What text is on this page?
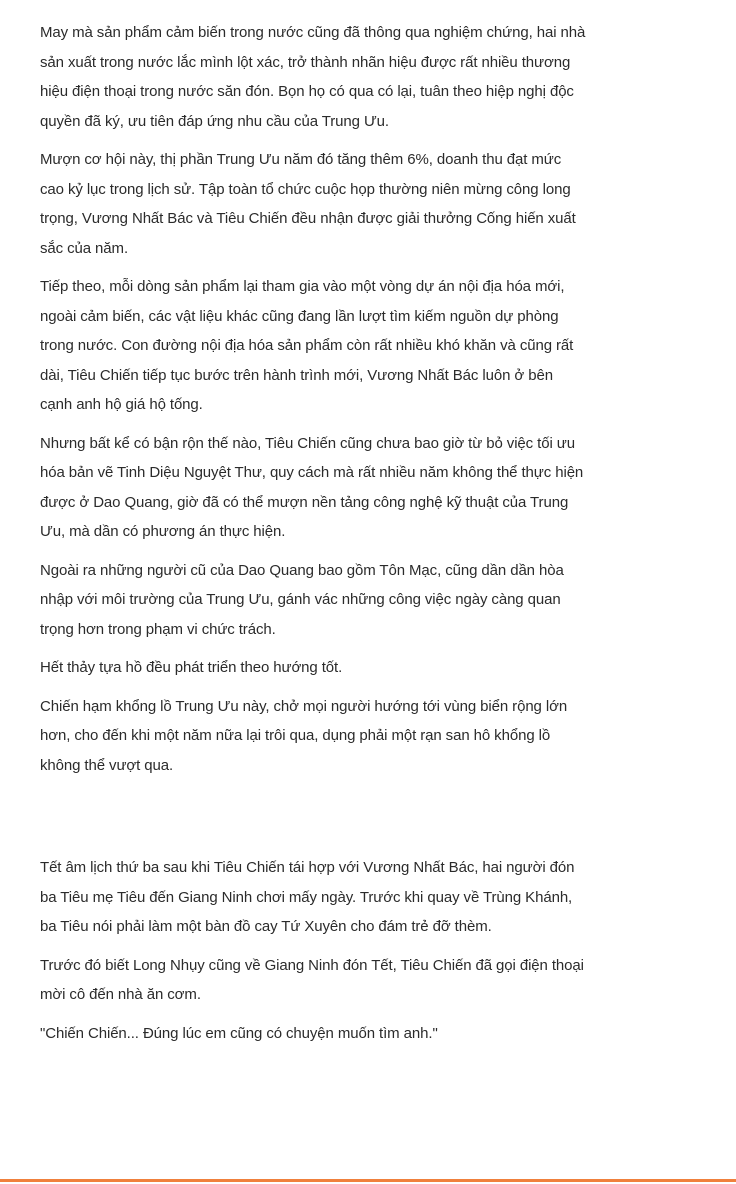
May mà sản phẩm cảm biến trong nước cũng đã thông qua nghiệm chứng, hai nhà sản xuất trong nước lắc mình lột xác, trở thành nhãn hiệu được rất nhiều thương hiệu điện thoại trong nước săn đón. Bọn họ có qua có lại, tuân theo hiệp nghị độc quyền đã ký, ưu tiên đáp ứng nhu cầu của Trung Ưu.

Mượn cơ hội này, thị phần Trung Ưu năm đó tăng thêm 6%, doanh thu đạt mức cao kỷ lục trong lịch sử. Tập toàn tổ chức cuộc họp thường niên mừng công long trọng, Vương Nhất Bác và Tiêu Chiến đều nhận được giải thưởng Cống hiến xuất sắc của năm.

Tiếp theo, mỗi dòng sản phẩm lại tham gia vào một vòng dự án nội địa hóa mới, ngoài cảm biến, các vật liệu khác cũng đang lần lượt tìm kiếm nguồn dự phòng trong nước. Con đường nội địa hóa sản phẩm còn rất nhiều khó khăn và cũng rất dài, Tiêu Chiến tiếp tục bước trên hành trình mới, Vương Nhất Bác luôn ở bên cạnh anh hộ giá hộ tống.

Nhưng bất kể có bận rộn thế nào, Tiêu Chiến cũng chưa bao giờ từ bỏ việc tối ưu hóa bản vẽ Tinh Diệu Nguyệt Thư, quy cách mà rất nhiều năm không thể thực hiện được ở Dao Quang, giờ đã có thể mượn nền tảng công nghệ kỹ thuật của Trung Ưu, mà dần có phương án thực hiện.

Ngoài ra những người cũ của Dao Quang bao gồm Tôn Mạc, cũng dần dần hòa nhập với môi trường của Trung Ưu, gánh vác những công việc ngày càng quan trọng hơn trong phạm vi chức trách.

Hết thảy tựa hồ đều phát triển theo hướng tốt.

Chiến hạm khổng lồ Trung Ưu này, chở mọi người hướng tới vùng biển rộng lớn hơn, cho đến khi một năm nữa lại trôi qua, dụng phải một rạn san hô khổng lồ không thể vượt qua.

Tết âm lịch thứ ba sau khi Tiêu Chiến tái hợp với Vương Nhất Bác, hai người đón ba Tiêu mẹ Tiêu đến Giang Ninh chơi mấy ngày. Trước khi quay về Trùng Khánh, ba Tiêu nói phải làm một bàn đồ cay Tứ Xuyên cho đám trẻ đỡ thèm.

Trước đó biết Long Nhụy cũng về Giang Ninh đón Tết, Tiêu Chiến đã gọi điện thoại mời cô đến nhà ăn cơm.

"Chiến Chiến... Đúng lúc em cũng có chuyện muốn tìm anh."
